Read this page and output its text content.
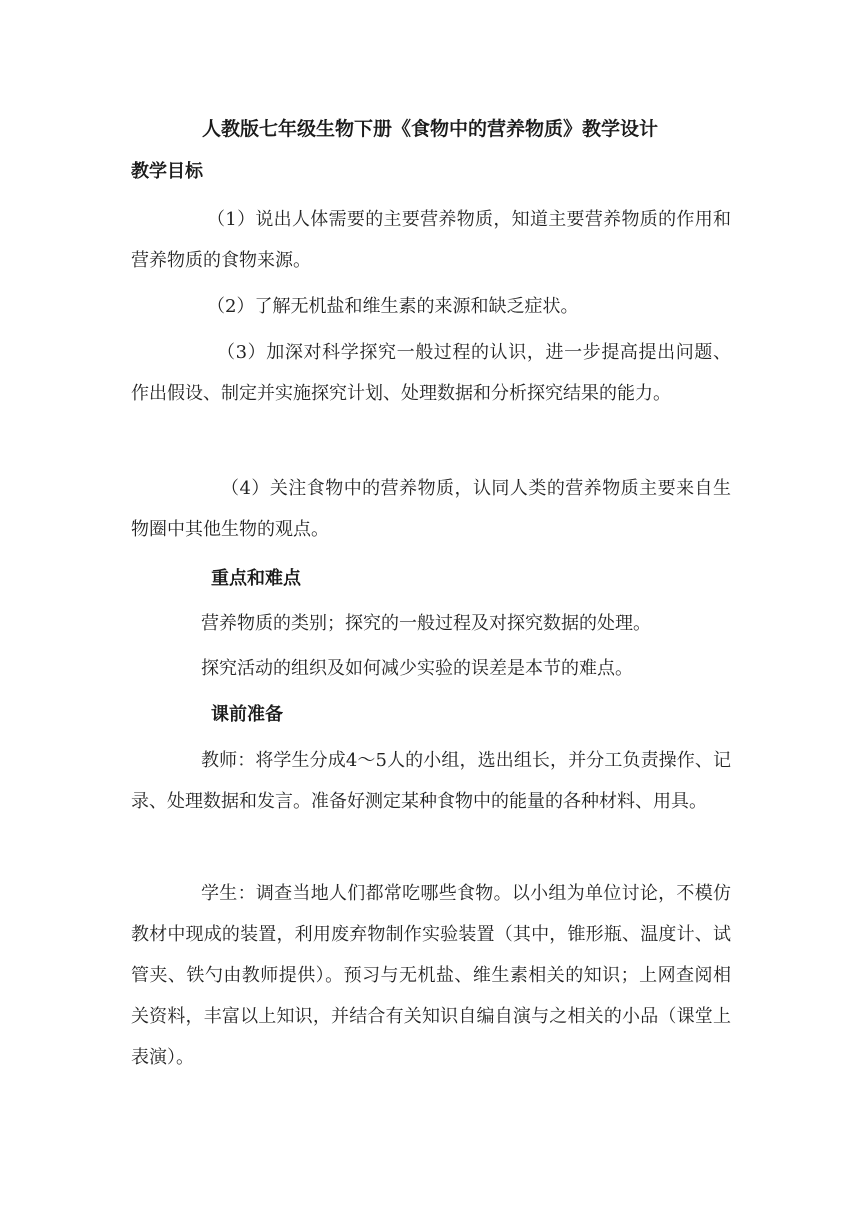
人教版七年级生物下册《食物中的营养物质》教学设计
教学目标
（1）说出人体需要的主要营养物质，知道主要营养物质的作用和营养物质的食物来源。
（2）了解无机盐和维生素的来源和缺乏症状。
（3）加深对科学探究一般过程的认识，进一步提高提出问题、作出假设、制定并实施探究计划、处理数据和分析探究结果的能力。
（4）关注食物中的营养物质，认同人类的营养物质主要来自生物圈中其他生物的观点。
重点和难点
营养物质的类别；探究的一般过程及对探究数据的处理。
探究活动的组织及如何减少实验的误差是本节的难点。
课前准备
教师：将学生分成4～5人的小组，选出组长，并分工负责操作、记录、处理数据和发言。准备好测定某种食物中的能量的各种材料、用具。
学生：调查当地人们都常吃哪些食物。以小组为单位讨论，不模仿教材中现成的装置，利用废弃物制作实验装置（其中，锥形瓶、温度计、试管夹、铁勺由教师提供）。预习与无机盐、维生素相关的知识；上网查阅相关资料，丰富以上知识，并结合有关知识自编自演与之相关的小品（课堂上表演）。
